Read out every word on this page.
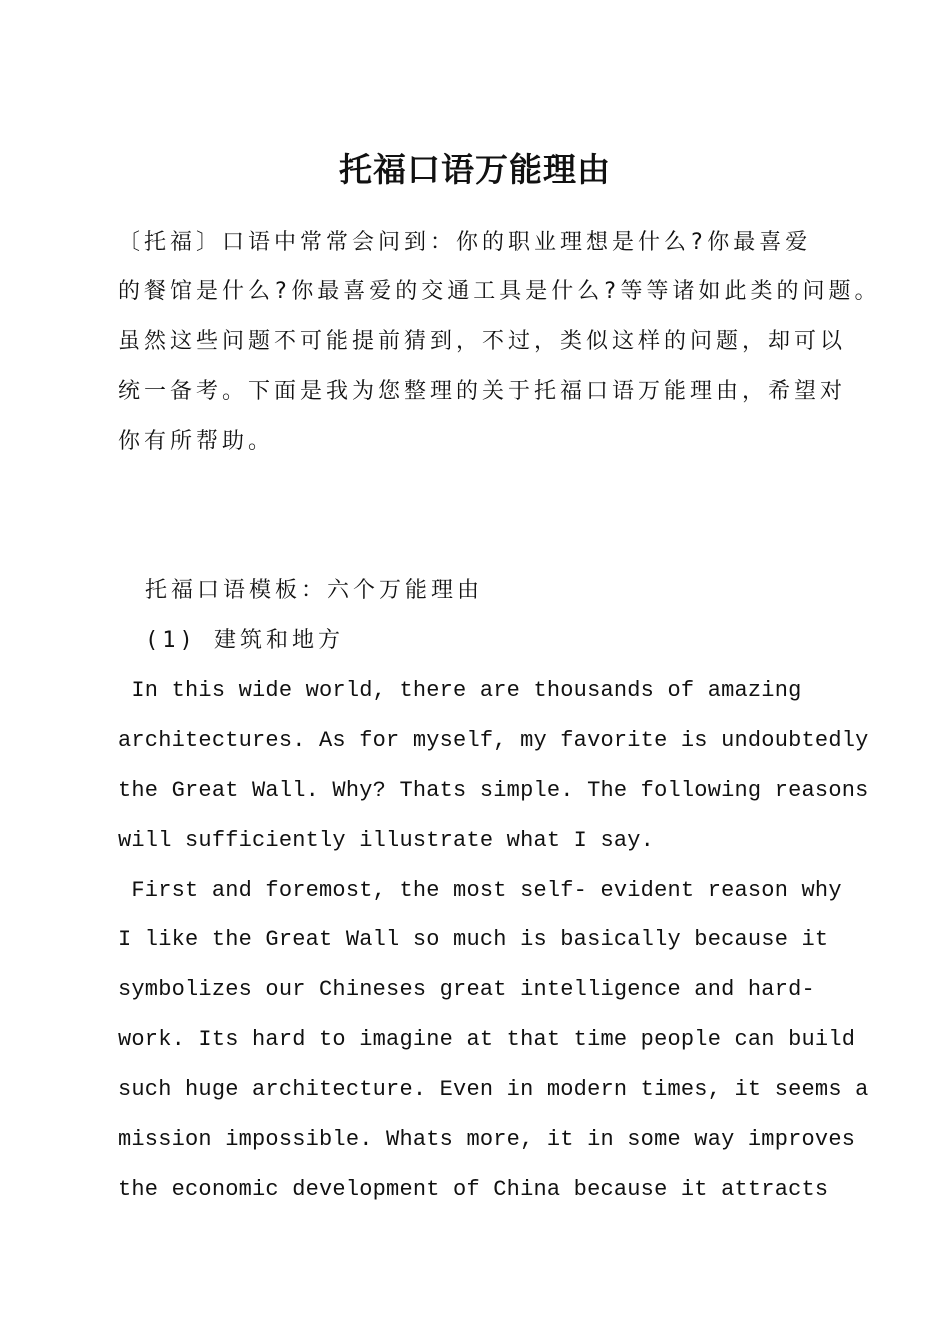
托福口语万能理由
〔托福〕口语中常常会问到：你的职业理想是什么?你最喜爱
的餐馆是什么?你最喜爱的交通工具是什么?等等诸如此类的问题。
虽然这些问题不可能提前猜到，不过，类似这样的问题，却可以
统一备考。下面是我为您整理的关于托福口语万能理由，希望对
你有所帮助。
托福口语模板：六个万能理由
(1) 建筑和地方
In this wide world, there are thousands of amazing
architectures. As for myself, my favorite is undoubtedly
the Great Wall. Why? Thats simple. The following reasons
will sufficiently illustrate what I say.
First and foremost, the most self- evident reason why
I like the Great Wall so much is basically because it
symbolizes our Chineses great intelligence and hard-
work. Its hard to imagine at that time people can build
such huge architecture. Even in modern times, it seems a
mission impossible. Whats more, it in some way improves
the economic development of China because it attracts
